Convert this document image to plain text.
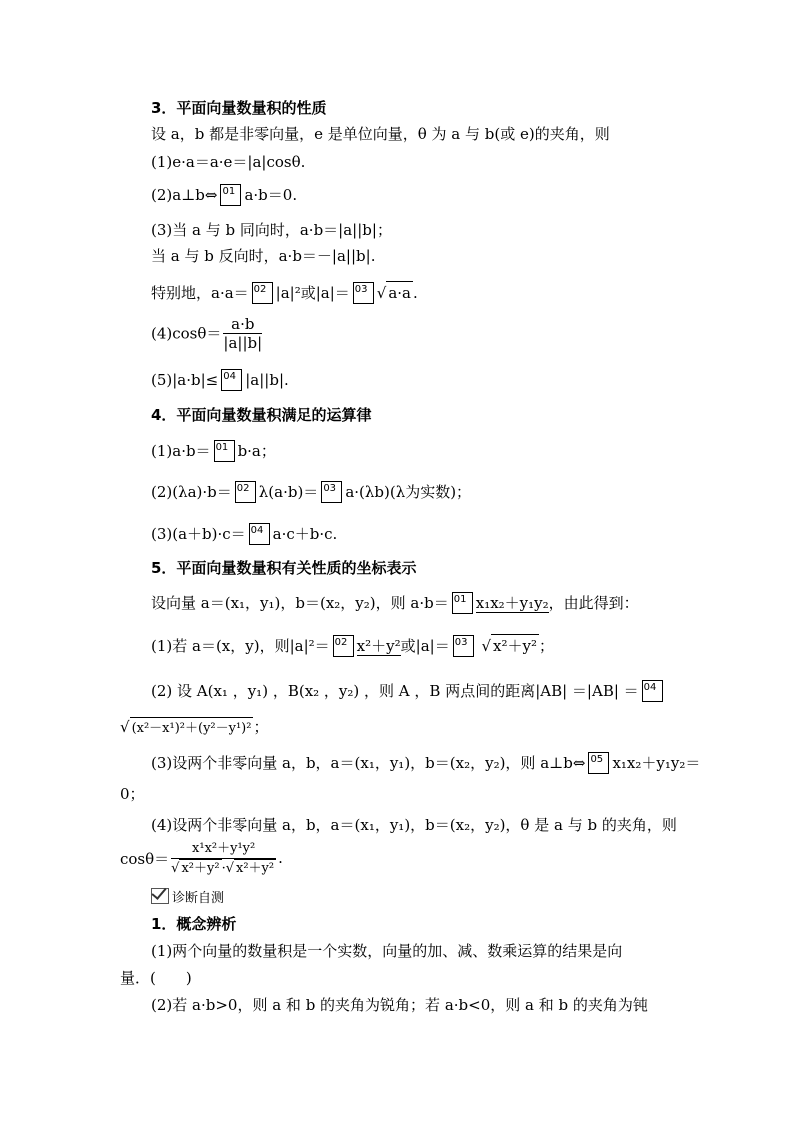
3．平面向量数量积的性质
设 a，b 都是非零向量，e 是单位向量，θ 为 a 与 b(或 e)的夹角，则
(1)e·a＝a·e＝|a|cosθ.
(2)a⊥b⇔ 01 a·b＝0.
(3)当 a 与 b 同向时，a·b＝|a||b|；
当 a 与 b 反向时，a·b＝－|a||b|.
特别地，a·a＝ 02 |a|²或|a|＝ 03 √ a·a .
$(4)\cos\theta= \frac{a\cdot b}{|a||b|}$
(5)|a·b|≤ 04 |a||b|.
4．平面向量数量积满足的运算律
(1)a·b＝ 01 b·a；
(2)(λa)·b＝ 02 λ(a·b)＝ 03 a·(λb)(λ为实数)；
(3)(a＋b)·c＝ 04 a·c＋b·c.
5．平面向量数量积有关性质的坐标表示
设向量 a＝(x₁，y₁)，b＝(x₂，y₂)，则 a·b＝ 01 x₁x₂＋y₁y₂，由此得到：
(1)若 a＝(x，y)，则|a|²＝ 02 x²＋y²或|a|＝ 03 √ x²＋y² ；
(2) 设 A(x₁ ，y₁) ，B(x₂ ，y₂) ，则 A ，B 两点间的距离|AB| ＝|AB| ＝ 04
√ (x²－x¹)²＋(y²－y¹)² ；
(3)设两个非零向量 a，b，a＝(x₁，y₁)，b＝(x₂，y₂)，则 a⊥b⇔ 05 x₁x₂＋y₁y₂＝
0；
(4)设两个非零向量 a，b，a＝(x₁，y₁)，b＝(x₂，y₂)，θ 是 a 与 b 的夹角，则
$\cos\theta= \frac{\text{x¹x²＋y¹y²}}{\text{√ x²＋y² ·√ x²＋y²}}$ .
诊断自测
1．概念辨析
(1)两个向量的数量积是一个实数，向量的加、减、数乘运算的结果是向
量．(　　)
(2)若 a·b>0，则 a 和 b 的夹角为锐角；若 a·b<0，则 a 和 b 的夹角为钝
